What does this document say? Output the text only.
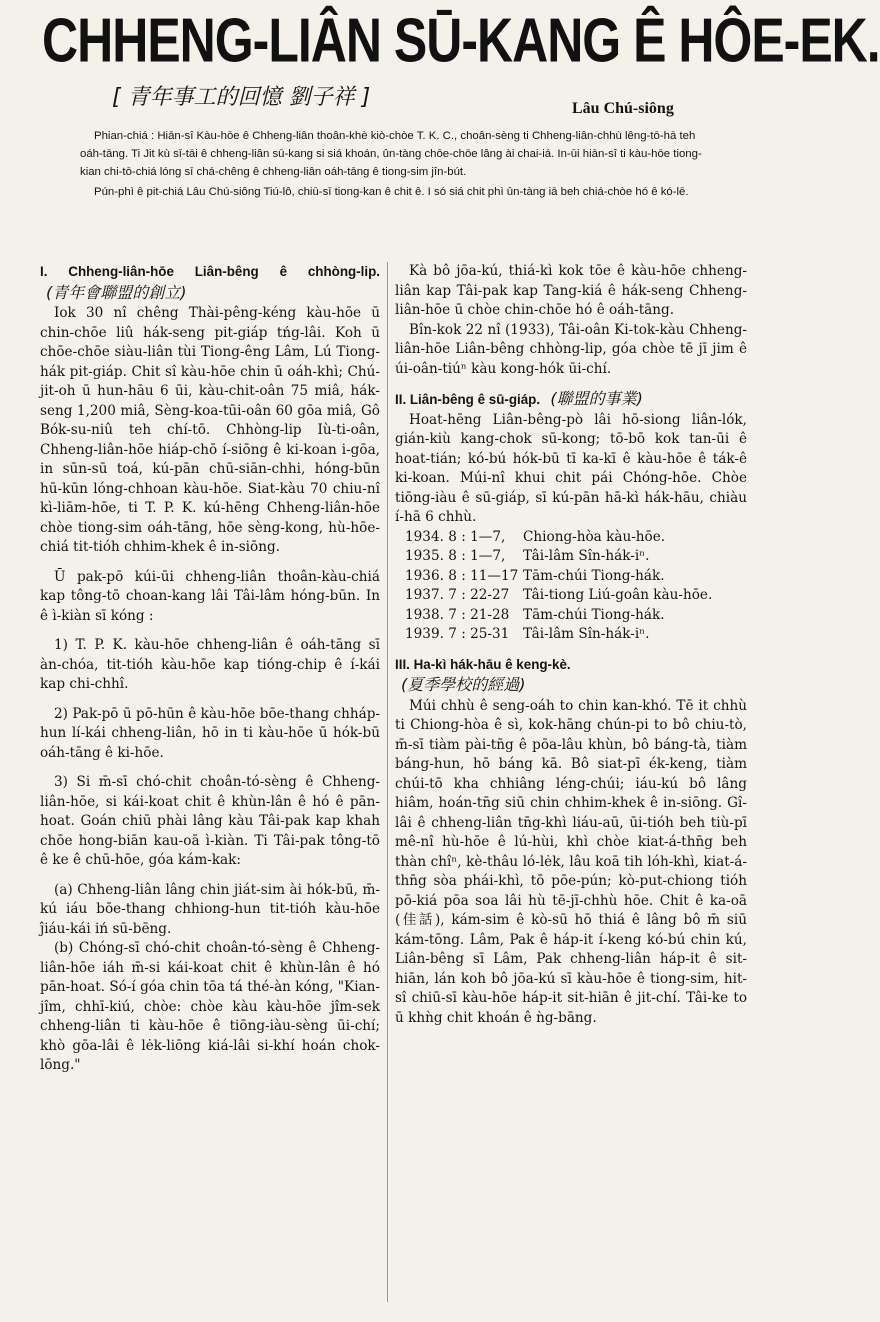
CHHENG-LIÂN SŪ-KANG Ê HÔE-EK.
[ 青年事工的回憶 劉子祥 ]	Lâu Chú-siông

Phian-chiá : Hiān-sî Kàu-hōe ê Chheng-liân thoân-khè kiò-chòe T. K. C., choân-sèng ti Chheng-liân-chhù lêng-tō-hā teh oáh-tāng. Ti Jit kù sī-tāi ê chheng-liân sū-kang si siá khoán, ûn-tàng chōe-chōe lâng ài chai-iá. In-ūi hiān-sî ti kàu-hōe tiong-kian chi-tō-chiá lóng sī chá-chêng ê chheng-liân oáh-tāng ê tiong-sim jîn-bút.

Pún-phì ê pit-chiá Lâu Chú-siông Tiú-lô, chiū-sī tiong-kan ê chit ê. I só siá chit phì ûn-tàng iā beh chiá-chòe hó ê kó-lē.

I. Chheng-liân-hōe Liân-bêng ê chhòng-lip. (青年會聯盟的創立)

Iok 30 nî chêng Thài-pêng-kéng kàu-hōe ū chin-chōe liû hák-seng pit-giáp tńg-lâi. Koh ū chōe-chōe siàu-liân tùi Tiong-êng Lâm, Lú Tiong-hák pit-giáp. Chit sî kàu-hōe chin ū oáh-khì; Chú-jit-oh ū hun-hāu 6 ūi, kàu-chit-oân 75 miâ, hák-seng 1,200 miâ, Sèng-koa-tūi-oân 60 gōa miâ, Gô Bók-su-niû teh chí-tō. Chhòng-lip Iù-ti-oân, Chheng-liân-hōe hiáp-chō í-siōng ê ki-koan i-gōa, in sūn-sū toá, kú-pān chū-siān-chhi, hóng-būn hū-kūn lóng-chhoan kàu-hōe. Siat-kàu 70 chiu-nî kì-liām-hōe, ti T. P. K. kú-hēng Chheng-liân-hōe chòe tiong-sim oáh-tāng, hōe sèng-kong, hù-hōe-chiá tit-tióh chhim-khek ê in-siōng.

Ū pak-pō kúi-ūi chheng-liân thoân-kàu-chiá kap tông-tō choan-kang lâi Tâi-lâm hóng-būn. In ê ì-kiàn sī kóng :

1) T. P. K. kàu-hōe chheng-liân ê oáh-tāng sī àn-chóa, tit-tióh kàu-hōe kap tióng-chip ê í-kái kap chi-chhî.

2) Pak-pō ū pō-hūn ê kàu-hōe bōe-thang chháp-hun lí-kái chheng-liân, hō in ti kàu-hōe ū hók-bū oáh-tāng ê ki-hōe.

3) Si m̄-sī chó-chit choân-tó-sèng ê Chheng-liân-hōe, si kái-koat chit ê khùn-lân ê hó ê pān-hoat. Goán chiū phài lâng kàu Tâi-pak kap khah chōe hong-biān kau-oā ì-kiàn. Ti Tâi-pak tông-tō ê ke ê chū-hōe, góa kám-kak:

(a) Chheng-liân lâng chin jiát-sim ài hók-bū, m̄-kú iáu bōe-thang chhiong-hun tit-tióh kàu-hōe ĵiáu-kái iń sū-bēng.

(b) Chóng-sī chó-chit choân-tó-sèng ê Chheng-liân-hōe iáh m̄-si kái-koat chit ê khùn-lân ê hó pān-hoat. Só-í góa chin tōa tá thé-àn kóng, "Kian-jîm, chhī-kiú, chòe: chòe kàu kàu-hōe jîm-sek chheng-liân ti kàu-hōe ê tiōng-iàu-sèng ūi-chí; khò gōa-lâi ê lėk-liōng kiá-lâi si-khí hoán chok-lōng."

Kà bô jōa-kú, thiá-kì kok tōe ê kàu-hōe chheng-liân kap Tâi-pak kap Tang-kiá ê hák-seng Chheng-liân-hōe ū chòe chin-chōe hó ê oáh-tāng.

Bîn-kok 22 nî (1933), Tâi-oân Ki-tok-kàu Chheng-liân-hōe Liân-bêng chhòng-lip, góa chòe tē jī jim ê úi-oân-tiúⁿ kàu kong-hók ūi-chí.

II. Liân-bêng ê sū-giáp. (聯盟的事業)

Hoat-hēng Liân-bêng-pò lâi hō-siong liân-lók, gián-kiù kang-chok sū-kong; tō-bō kok tan-ūi ê hoat-tián; kó-bú hók-bū tī ka-kī ê kàu-hōe ê ták-ê ki-koan. Múi-nî khui chit pái Chóng-hōe. Chòe tiōng-iàu ê sū-giáp, sī kú-pān hā-kì hák-hāu, chiàu í-hā 6 chhù.

1934. 8 : 1—7, Chiong-hòa kàu-hōe.

1935. 8 : 1—7, Tâi-lâm Sîn-hák-iⁿ.

1936. 8 : 11—17 Tām-chúi Tiong-hák.

1937. 7 : 22-27 Tâi-tiong Liú-goân kàu-hōe.

1938. 7 : 21-28 Tām-chúi Tiong-hák.

1939. 7 : 25-31 Tâi-lâm Sîn-hák-iⁿ.

III. Ha-kì hák-hāu ê keng-kè.

(夏季學校的經過)

Múi chhù ê seng-oáh to chin kan-khó. Tē it chhù ti Chiong-hòa ê sì, kok-hāng chún-pi to bô chiu-tò, m̄-sī tiàm pài-tn̄g ê pōa-lâu khùn, bô báng-tà, tiàm báng-hun, hō báng kā. Bô siat-pī ék-keng, tiàm chúi-tō kha chhiâng léng-chúi; iáu-kú bô lâng hiâm, hoán-tn̄g siū chin chhim-khek ê in-siōng. Gî-lâi ê chheng-liân tn̄g-khì liáu-aū, ūi-tióh beh tiù-pī mê-nî hù-hōe ê lú-hùi, khì chòe kiat-á-thn̄g beh thàn chîⁿ, kè-thâu ló-lėk, lâu koā tih lóh-khì, kiat-á-thn̄g sòa phái-khì, tō pōe-pún; kò-put-chiong tióh pō-kiá pōa soa lâi hù tē-jī-chhù hōe. Chit ê ka-oā (佳話), kám-sim ê kò-sū hō thiá ê lâng bô m̄ siū kám-tōng. Lâm, Pak ê háp-it í-keng kó-bú chin kú, Liân-bêng sī Lâm, Pak chheng-liân háp-it ê sit-hiān, lán koh bô jōa-kú sī kàu-hōe ê tiong-sim, hit-sî chiū-sī kàu-hōe háp-it sit-hiān ê jit-chí. Tâi-ke to ū khǹg chit khoán ê ǹg-bāng.
